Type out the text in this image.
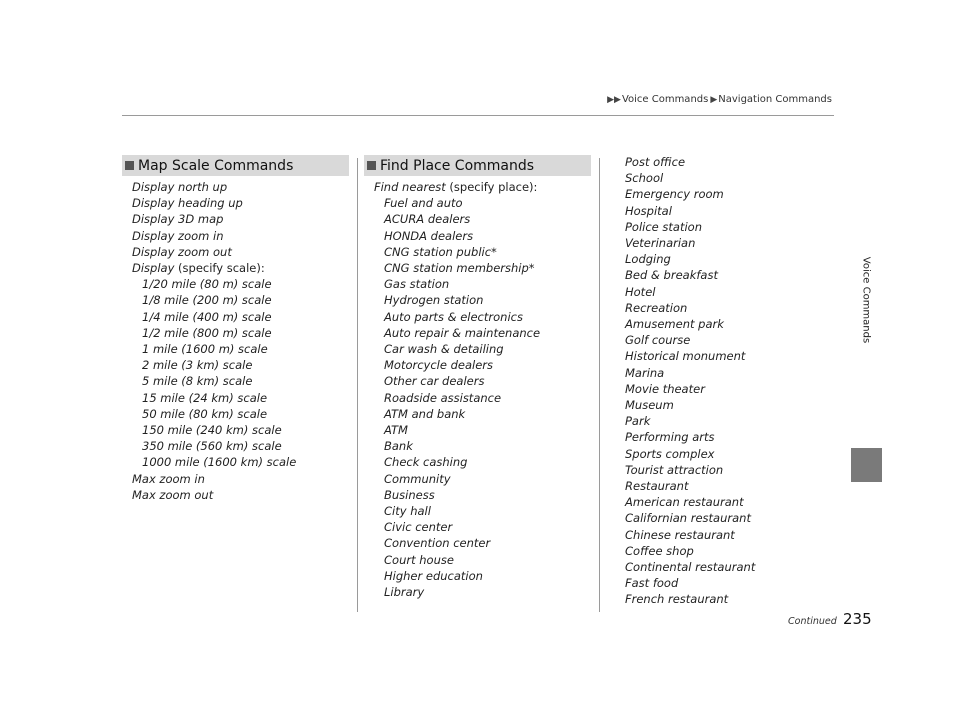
▶▶Voice Commands ▶Navigation Commands
Voice Commands
Map Scale Commands
Display north up
Display heading up
Display 3D map
Display zoom in
Display zoom out
Display (specify scale):
1/20 mile (80 m) scale
1/8 mile (200 m) scale
1/4 mile (400 m) scale
1/2 mile (800 m) scale
1 mile (1600 m) scale
2 mile (3 km) scale
5 mile (8 km) scale
15 mile (24 km) scale
50 mile (80 km) scale
150 mile (240 km) scale
350 mile (560 km) scale
1000 mile (1600 km) scale
Max zoom in
Max zoom out
Find Place Commands
Find nearest (specify place):
Fuel and auto
ACURA dealers
HONDA dealers
CNG station public*
CNG station membership*
Gas station
Hydrogen station
Auto parts & electronics
Auto repair & maintenance
Car wash & detailing
Motorcycle dealers
Other car dealers
Roadside assistance
ATM and bank
ATM
Bank
Check cashing
Community
Business
City hall
Civic center
Convention center
Court house
Higher education
Library
Post office
School
Emergency room
Hospital
Police station
Veterinarian
Lodging
Bed & breakfast
Hotel
Recreation
Amusement park
Golf course
Historical monument
Marina
Movie theater
Museum
Park
Performing arts
Sports complex
Tourist attraction
Restaurant
American restaurant
Californian restaurant
Chinese restaurant
Coffee shop
Continental restaurant
Fast food
French restaurant
Continued 235
